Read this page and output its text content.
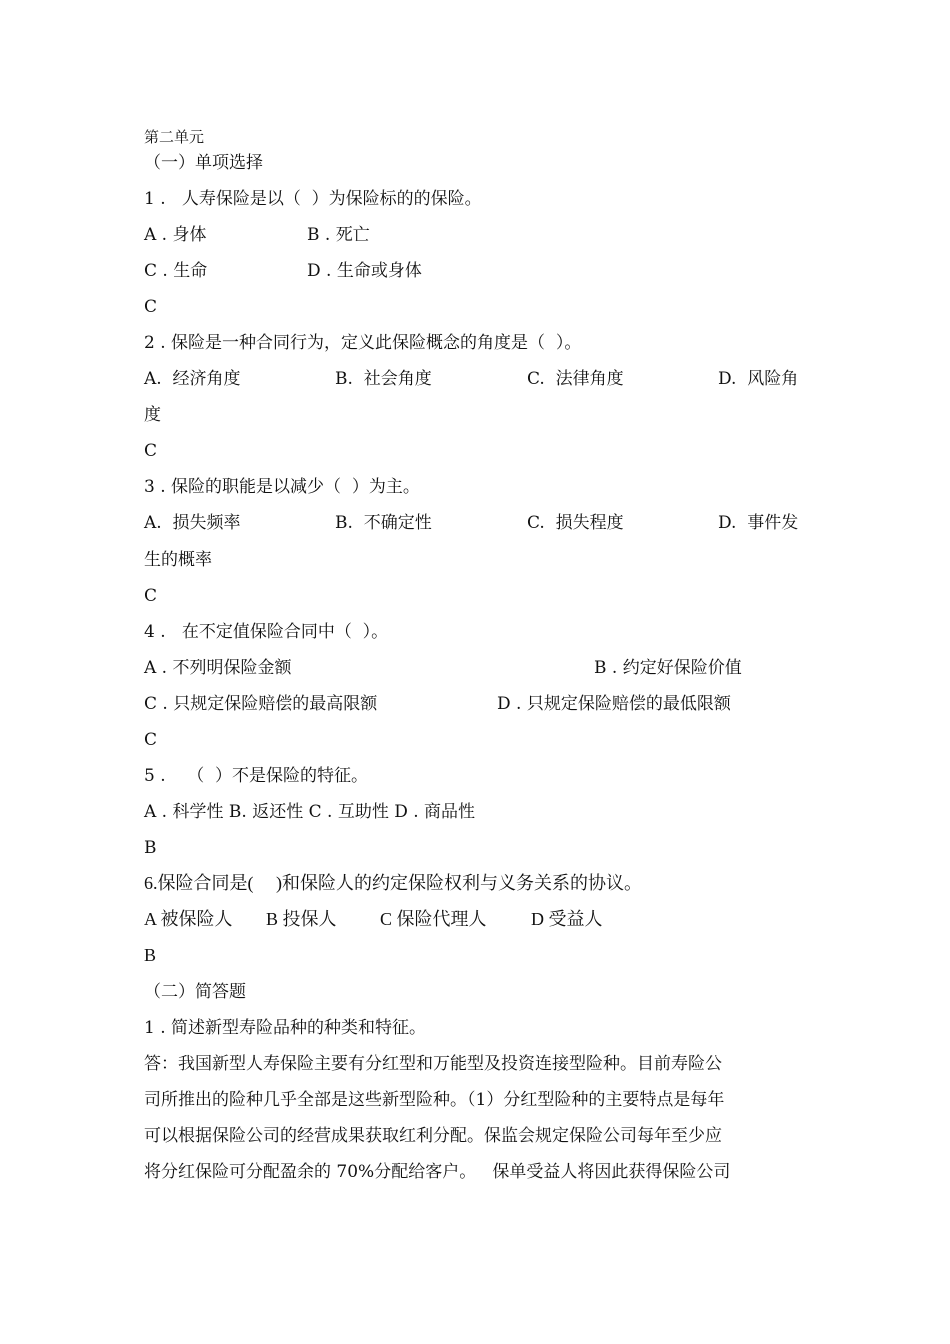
第二单元
（一）单项选择
1 .   人寿保险是以（  ）为保险标的的保险。
A . 身体	B . 死亡
C . 生命	D . 生命或身体
C
2 . 保险是一种合同行为，定义此保险概念的角度是（  ）。
A.  经济角度	B.  社会角度	C.  法律角度	D.  风险角
度
C
3 . 保险的职能是以减少（  ）为主。
A.  损失频率	B.  不确定性	C.  损失程度	D.  事件发
生的概率
C
4 .   在不定值保险合同中（  ）。
A . 不列明保险金额	B . 约定好保险价值
C . 只规定保险赔偿的最高限额	D . 只规定保险赔偿的最低限额
C
5 .    （  ）不是保险的特征。
A . 科学性 B. 返还性 C . 互助性 D . 商品性
B
6.保险合同是(     )和保险人的约定保险权利与义务关系的协议。
A 被保险人 B 投保人 C 保险代理人 D 受益人
B
（二）简答题
1 . 简述新型寿险品种的种类和特征。
答：我国新型人寿保险主要有分红型和万能型及投资连接型险种。目前寿险公
司所推出的险种几乎全部是这些新型险种。（1）分红型险种的主要特点是每年
可以根据保险公司的经营成果获取红利分配。保监会规定保险公司每年至少应
将分红保险可分配盈余的 70%分配给客户。   保单受益人将因此获得保险公司
